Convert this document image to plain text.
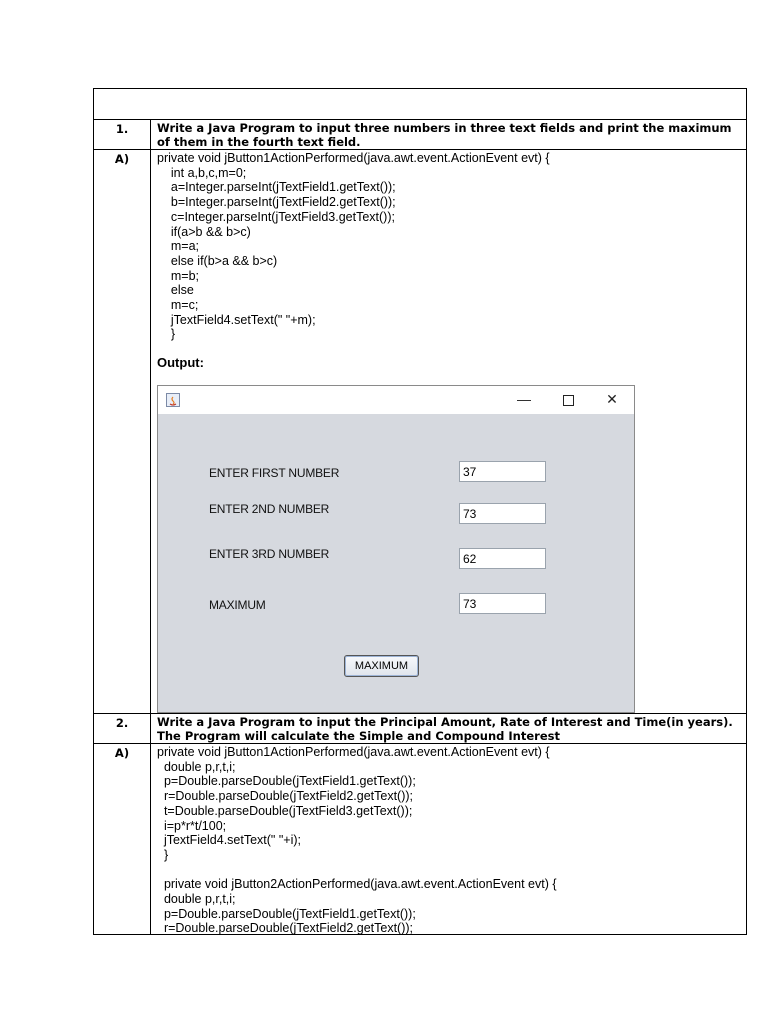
1.	Write a Java Program to input three numbers in three text fields and print the maximum
of them in the fourth text field.
A)	private void jButton1ActionPerformed(java.awt.event.ActionEvent evt) {
int a,b,c,m=0;
a=Integer.parseInt(jTextField1.getText());
b=Integer.parseInt(jTextField2.getText());
c=Integer.parseInt(jTextField3.getText());
if(a>b && b>c)
m=a;
else if(b>a && b>c)
m=b;
else
m=c;
jTextField4.setText(" "+m);
}
Output:
—	✕
ENTER FIRST NUMBER	37
ENTER 2ND NUMBER	73
ENTER 3RD NUMBER	62
MAXIMUM	73
MAXIMUM
2.	Write a Java Program to input the Principal Amount, Rate of Interest and Time(in years).
The Program will calculate the Simple and Compound Interest
A)	private void jButton1ActionPerformed(java.awt.event.ActionEvent evt) {
double p,r,t,i;
p=Double.parseDouble(jTextField1.getText());
r=Double.parseDouble(jTextField2.getText());
t=Double.parseDouble(jTextField3.getText());
i=p*r*t/100;
jTextField4.setText(" "+i);
}

private void jButton2ActionPerformed(java.awt.event.ActionEvent evt) {
double p,r,t,i;
p=Double.parseDouble(jTextField1.getText());
r=Double.parseDouble(jTextField2.getText());
